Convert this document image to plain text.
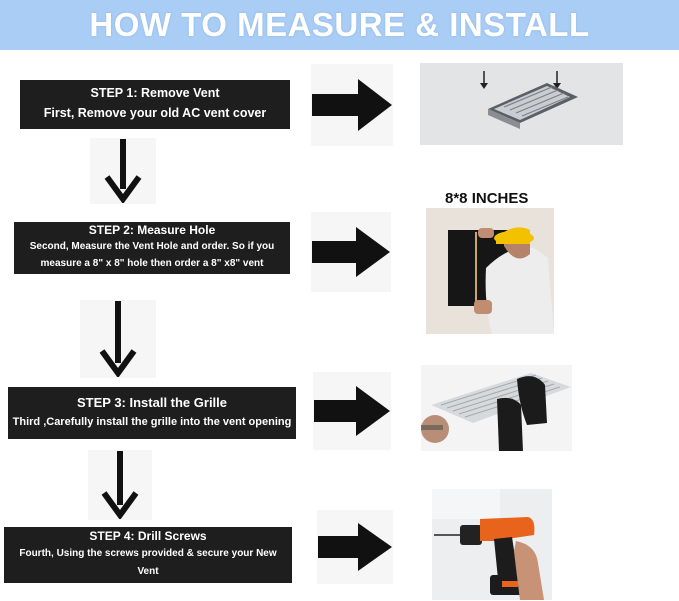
HOW TO MEASURE & INSTALL
STEP 1: Remove Vent
First, Remove your old AC vent cover
STEP 2: Measure Hole
Second, Measure the Vent Hole and order. So if you
measure a 8" x 8" hole then order a 8" x8" vent
STEP 3: Install the Grille
Third ,Carefully install the grille into the vent opening
STEP 4: Drill Screws
Fourth, Using the screws provided & secure your New
Vent
8*8 INCHES
